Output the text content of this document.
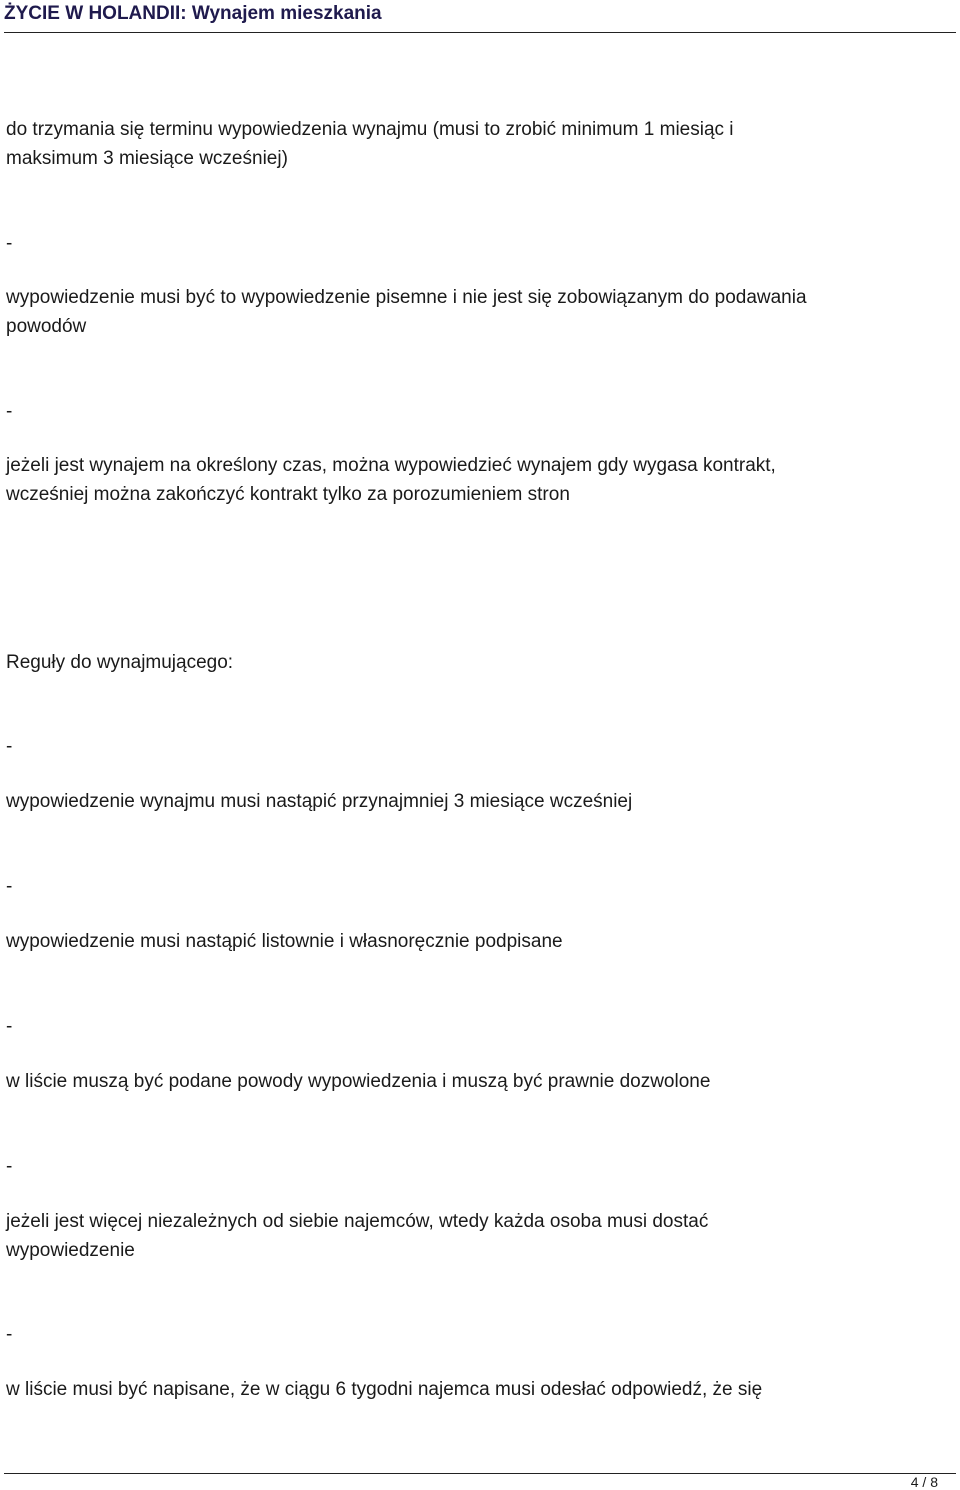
ŻYCIE W HOLANDII: Wynajem mieszkania
do trzymania się terminu wypowiedzenia wynajmu (musi to zrobić minimum 1 miesiąc i
maksimum 3 miesiące wcześniej)
-
wypowiedzenie musi być to wypowiedzenie pisemne i nie jest się zobowiązanym do podawania
powodów
-
jeżeli jest wynajem na określony czas, można wypowiedzieć wynajem gdy wygasa kontrakt,
wcześniej można zakończyć kontrakt tylko za porozumieniem stron
Reguły do wynajmującego:
-
wypowiedzenie wynajmu musi nastąpić przynajmniej 3 miesiące wcześniej
-
wypowiedzenie musi nastąpić listownie i własnoręcznie podpisane
-
w liście muszą być podane powody wypowiedzenia i muszą być prawnie dozwolone
-
jeżeli jest więcej niezależnych od siebie najemców, wtedy każda osoba musi dostać
wypowiedzenie
-
w liście musi być napisane, że w ciągu 6 tygodni najemca musi odesłać odpowiedź, że się
4 / 8
